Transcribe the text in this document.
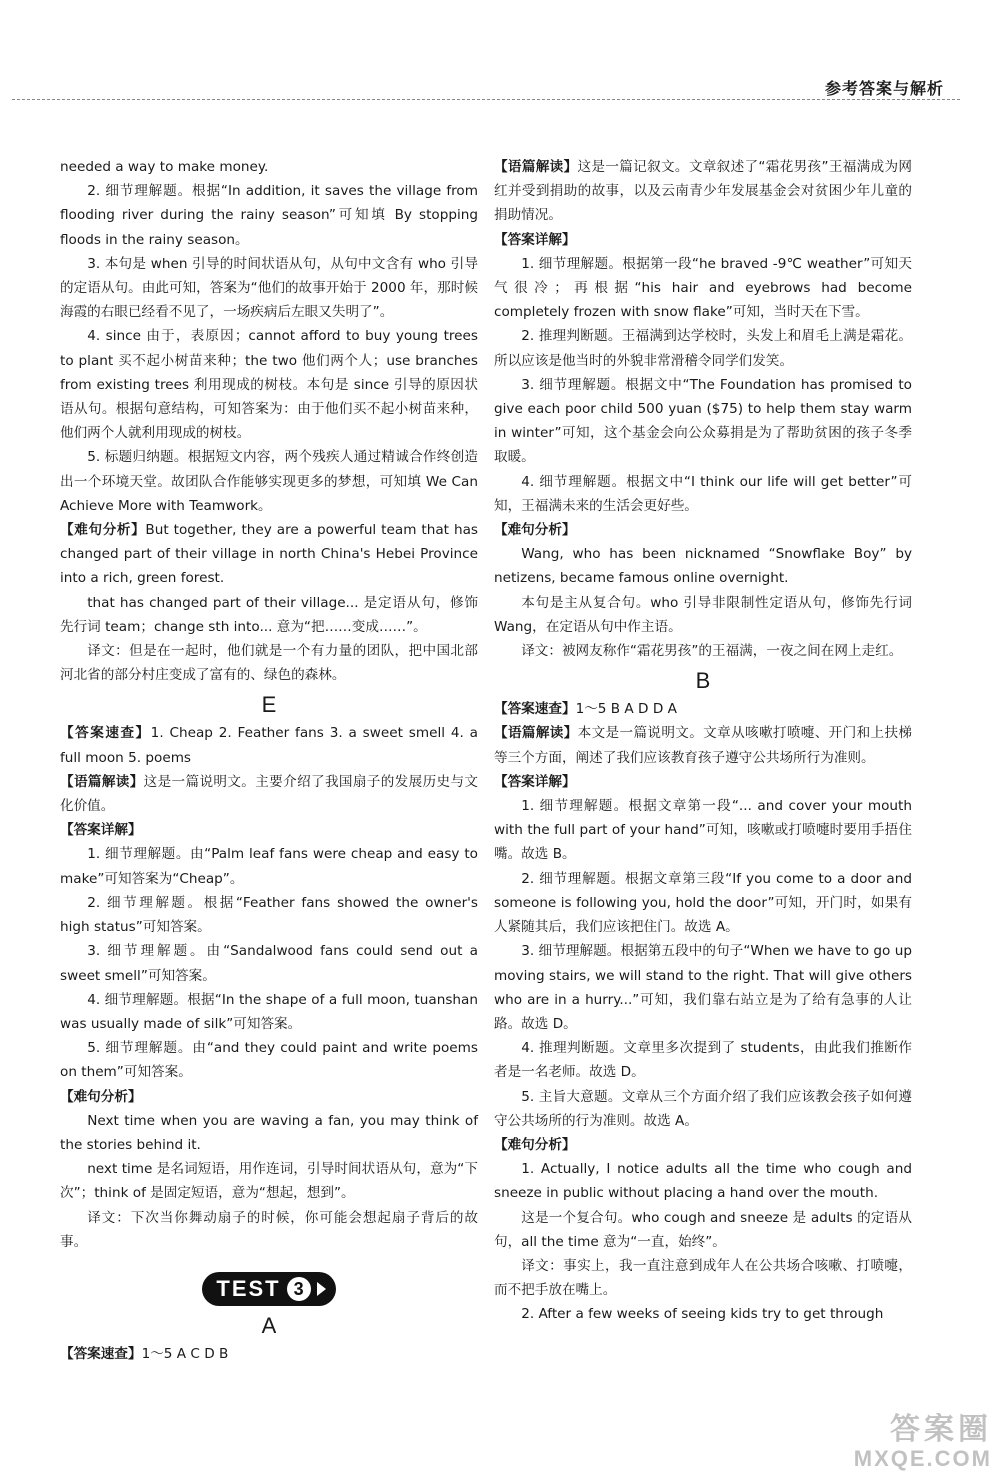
参考答案与解析

needed a way to make money.

2. 细节理解题。根据“In addition, it saves the village from flooding river during the rainy season”可知填 By stopping floods in the rainy season。

3. 本句是 when 引导的时间状语从句，从句中文含有 who 引导的定语从句。由此可知，答案为“他们的故事开始于 2000 年，那时候海霞的右眼已经看不见了，一场疾病后左眼又失明了”。

4. since 由于，表原因；cannot afford to buy young trees to plant 买不起小树苗来种；the two 他们两个人；use branches from existing trees 利用现成的树枝。本句是 since 引导的原因状语从句。根据句意结构，可知答案为：由于他们买不起小树苗来种，他们两个人就利用现成的树枝。

5. 标题归纳题。根据短文内容，两个残疾人通过精诚合作终创造出一个环境天堂。故团队合作能够实现更多的梦想，可知填 We Can Achieve More with Teamwork。

【难句分析】But together, they are a powerful team that has changed part of their village in north China's Hebei Province into a rich, green forest.

that has changed part of their village... 是定语从句，修饰先行词 team；change sth into... 意为“把……变成……”。

译文：但是在一起时，他们就是一个有力量的团队，把中国北部河北省的部分村庄变成了富有的、绿色的森林。

E

【答案速查】1. Cheap 2. Feather fans 3. a sweet smell 4. a full moon 5. poems

【语篇解读】这是一篇说明文。主要介绍了我国扇子的发展历史与文化价值。

【答案详解】

1. 细节理解题。由“Palm leaf fans were cheap and easy to make”可知答案为“Cheap”。

2. 细节理解题。根据“Feather fans showed the owner's high status”可知答案。

3. 细节理解题。由“Sandalwood fans could send out a sweet smell”可知答案。

4. 细节理解题。根据“In the shape of a full moon, tuanshan was usually made of silk”可知答案。

5. 细节理解题。由“and they could paint and write poems on them”可知答案。

【难句分析】

Next time when you are waving a fan, you may think of the stories behind it.

next time 是名词短语，用作连词，引导时间状语从句，意为“下次”；think of 是固定短语，意为“想起，想到”。

译文：下次当你舞动扇子的时候，你可能会想起扇子背后的故事。

TEST 3
A

【答案速查】1～5 A C D B

【语篇解读】这是一篇记叙文。文章叙述了“霜花男孩”王福满成为网红并受到捐助的故事，以及云南青少年发展基金会对贫困少年儿童的捐助情况。

【答案详解】

1. 细节理解题。根据第一段“he braved -9℃ weather”可知天气很冷；再根据“his hair and eyebrows had become completely frozen with snow flake”可知，当时天在下雪。

2. 推理判断题。王福满到达学校时，头发上和眉毛上满是霜花。所以应该是他当时的外貌非常滑稽令同学们发笑。

3. 细节理解题。根据文中“The Foundation has promised to give each poor child 500 yuan ($75) to help them stay warm in winter”可知，这个基金会向公众募捐是为了帮助贫困的孩子冬季取暖。

4. 细节理解题。根据文中“I think our life will get better”可知，王福满未来的生活会更好些。

【难句分析】

Wang, who has been nicknamed “Snowflake Boy” by netizens, became famous online overnight.

本句是主从复合句。who 引导非限制性定语从句，修饰先行词 Wang，在定语从句中作主语。

译文：被网友称作“霜花男孩”的王福满，一夜之间在网上走红。

B

【答案速查】1～5 B A D D A

【语篇解读】本文是一篇说明文。文章从咳嗽打喷嚏、开门和上扶梯等三个方面，阐述了我们应该教育孩子遵守公共场所行为准则。

【答案详解】

1. 细节理解题。根据文章第一段“... and cover your mouth with the full part of your hand”可知，咳嗽或打喷嚏时要用手捂住嘴。故选 B。

2. 细节理解题。根据文章第三段“If you come to a door and someone is following you, hold the door”可知，开门时，如果有人紧随其后，我们应该把住门。故选 A。

3. 细节理解题。根据第五段中的句子“When we have to go up moving stairs, we will stand to the right. That will give others who are in a hurry...”可知，我们靠右站立是为了给有急事的人让路。故选 D。

4. 推理判断题。文章里多次提到了 students，由此我们推断作者是一名老师。故选 D。

5. 主旨大意题。文章从三个方面介绍了我们应该教会孩子如何遵守公共场所的行为准则。故选 A。

【难句分析】

1. Actually, I notice adults all the time who cough and sneeze in public without placing a hand over the mouth.

这是一个复合句。who cough and sneeze 是 adults 的定语从句，all the time 意为“一直，始终”。

译文：事实上，我一直注意到成年人在公共场合咳嗽、打喷嚏，而不把手放在嘴上。

2. After a few weeks of seeing kids try to get through

答案圈
MXQE.COM
